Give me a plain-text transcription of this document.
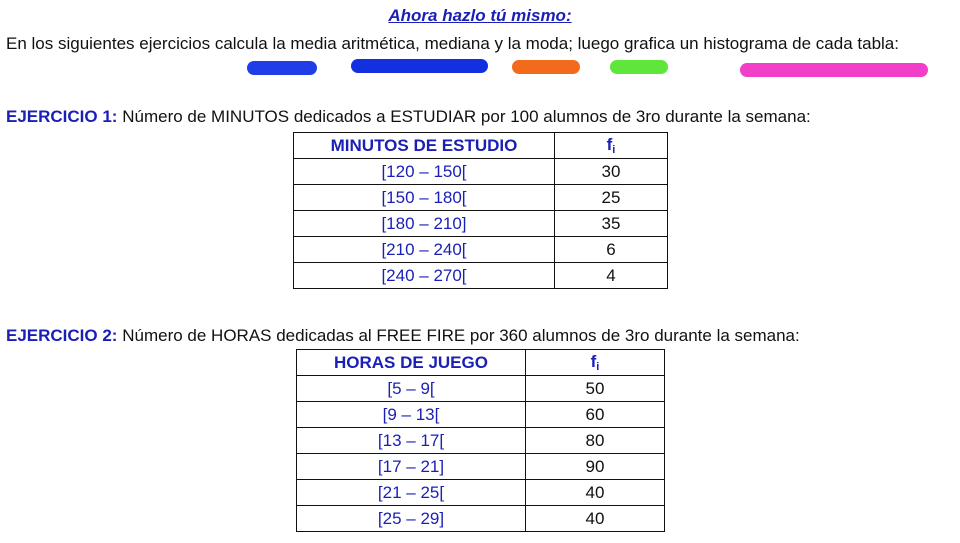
Ahora hazlo tú mismo:
En los siguientes ejercicios calcula la media aritmética, mediana y la moda; luego grafica un histograma de cada tabla:
EJERCICIO 1: Número de MINUTOS dedicados a ESTUDIAR por 100 alumnos de 3ro durante la semana:
MINUTOS DE ESTUDIO	$f_i$
[120 – 150[	30
[150 – 180[	25
[180 – 210]	35
[210 – 240[	6
[240 – 270[	4
EJERCICIO 2: Número de HORAS dedicadas al FREE FIRE por 360 alumnos de 3ro durante la semana:
HORAS DE JUEGO	$f_i$
[5 – 9[	50
[9 – 13[	60
[13 – 17[	80
[17 – 21]	90
[21 – 25[	40
[25 – 29]	40
